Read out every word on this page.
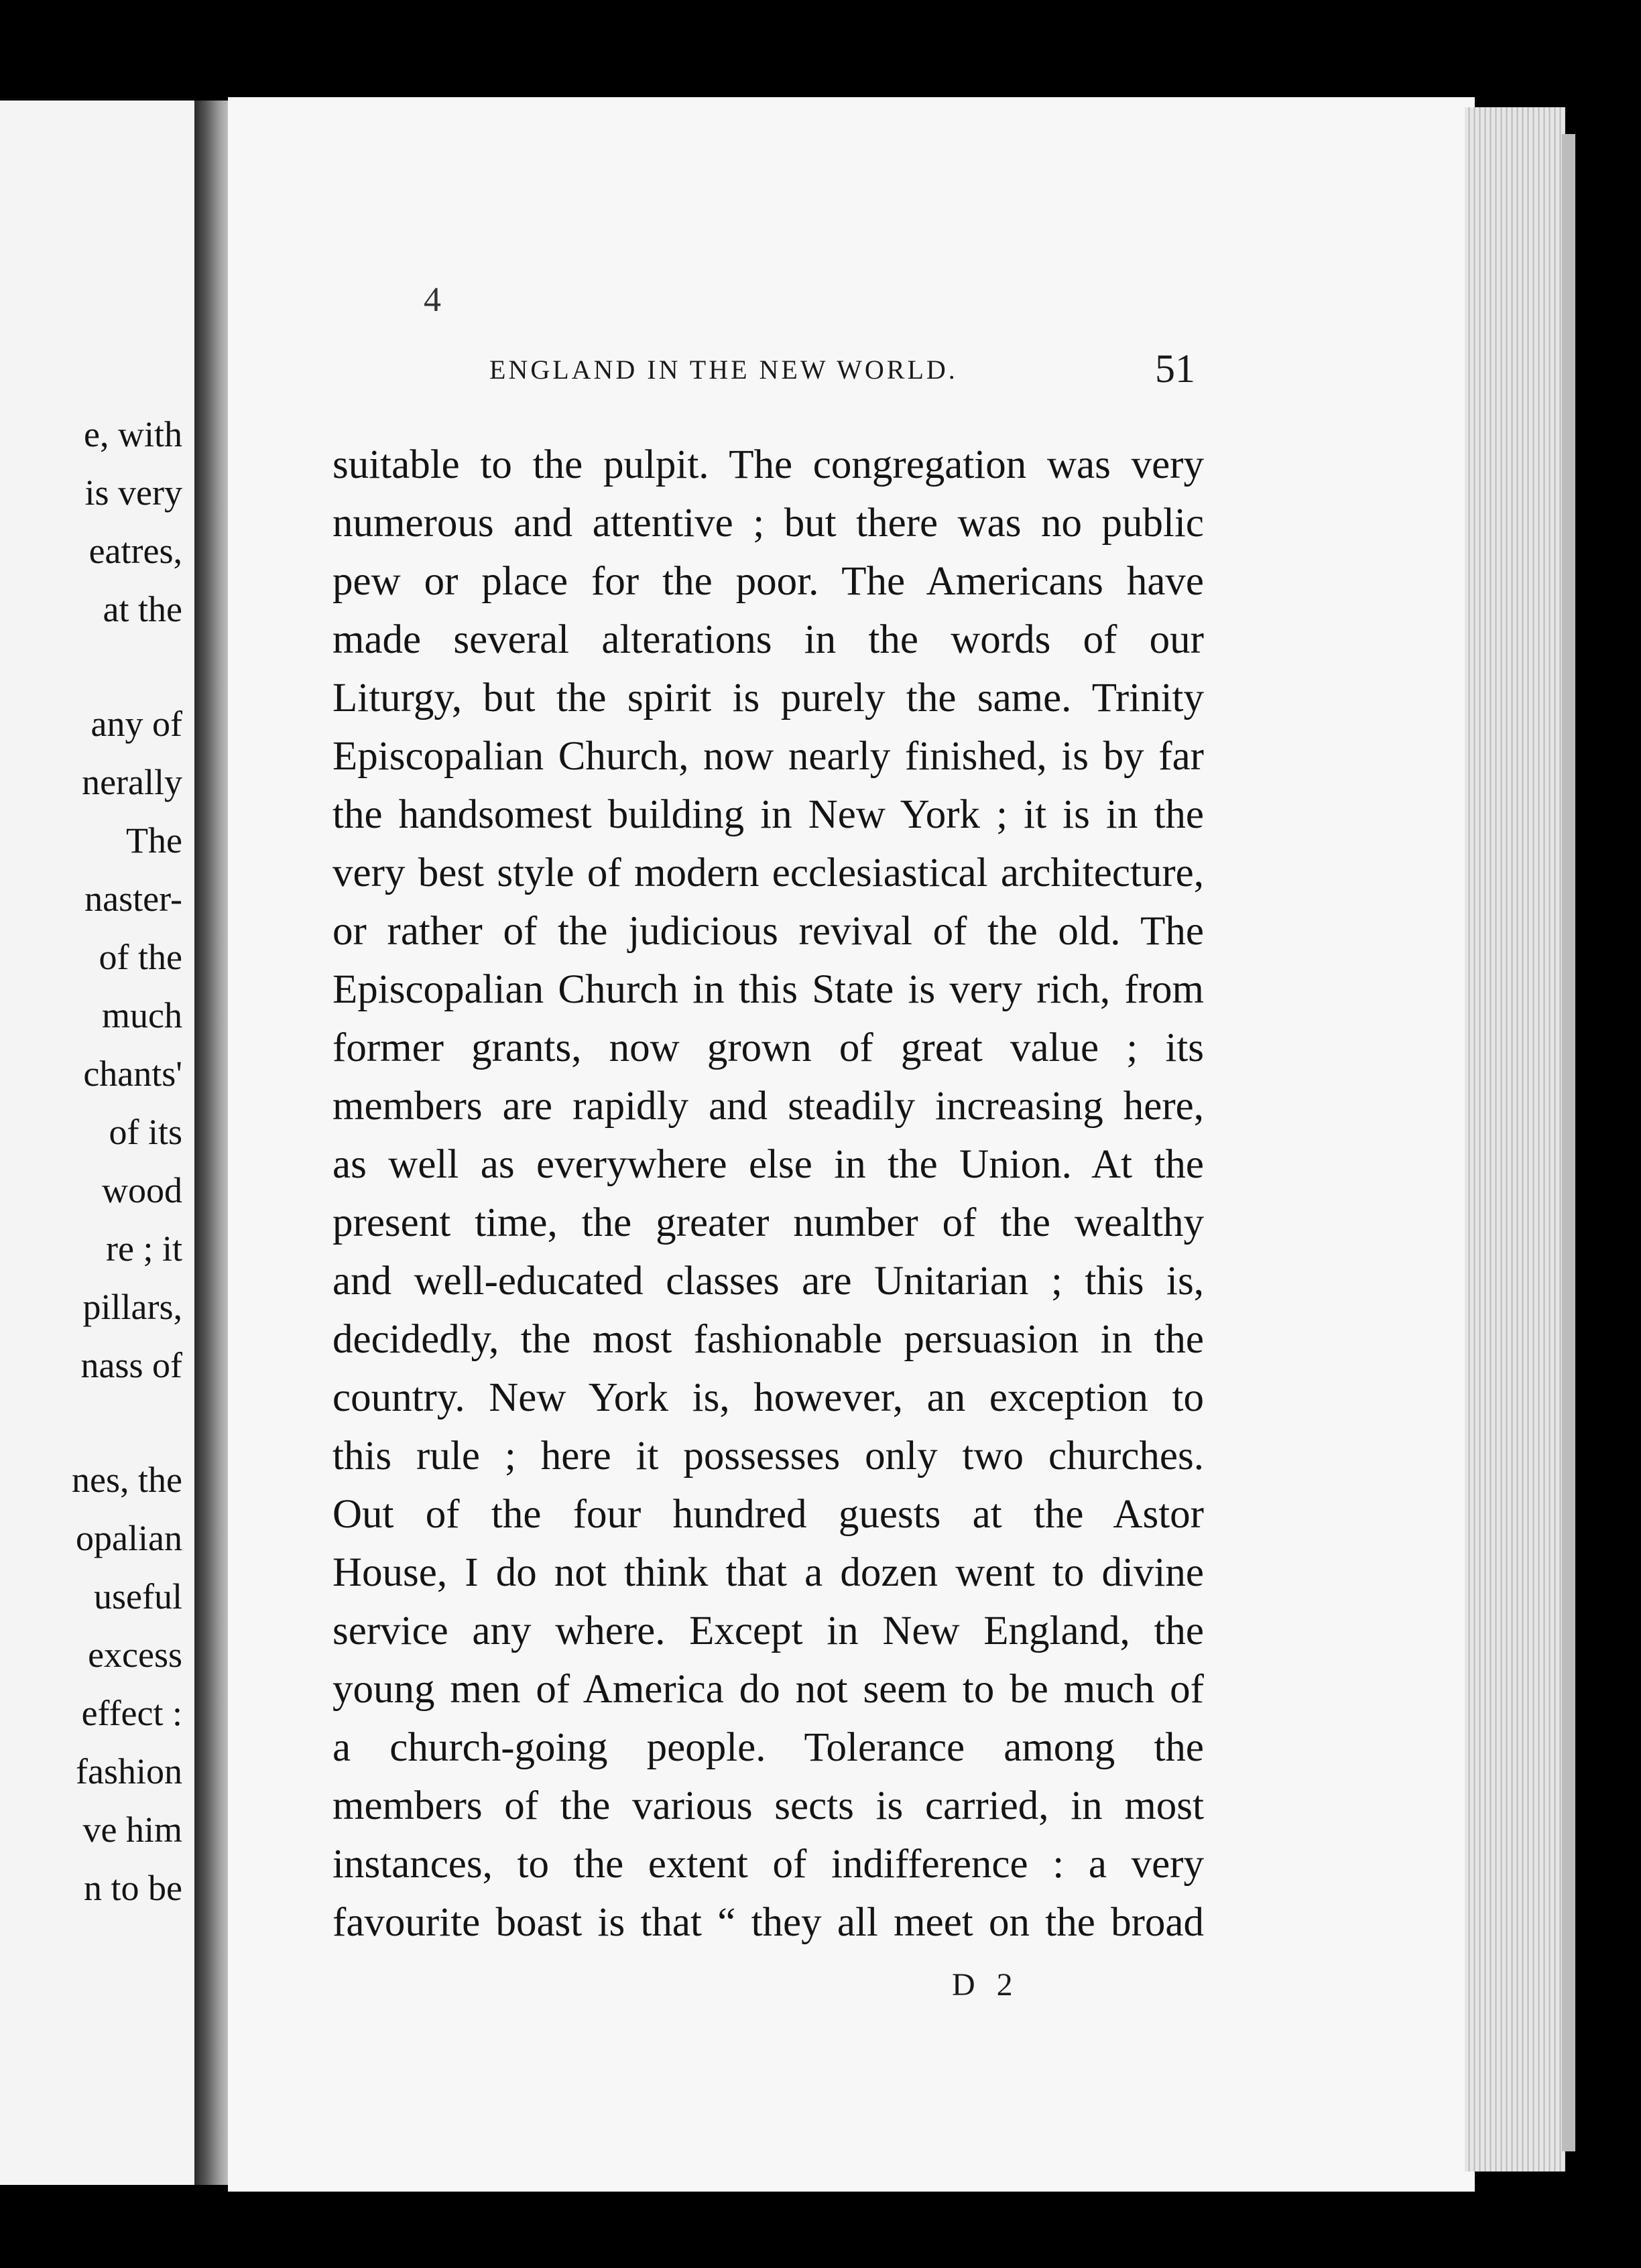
e, with
is very
eatres,
at the
any of
nerally
The
naster-
of the
much
chants'
of its
wood
re ; it
pillars,
nass of
nes, the
opalian
useful
excess
effect :
fashion
ve him
n to be
4
ENGLAND IN THE NEW WORLD.	51
suitable to the pulpit. The congregation was very
numerous and attentive ; but there was no public
pew or place for the poor. The Americans have
made several alterations in the words of our
Liturgy, but the spirit is purely the same. Trinity
Episcopalian Church, now nearly finished, is by far
the handsomest building in New York ; it is in the
very best style of modern ecclesiastical architecture,
or rather of the judicious revival of the old. The
Episcopalian Church in this State is very rich, from
former grants, now grown of great value ; its
members are rapidly and steadily increasing here,
as well as everywhere else in the Union. At the
present time, the greater number of the wealthy
and well-educated classes are Unitarian ; this is,
decidedly, the most fashionable persuasion in the
country. New York is, however, an exception to
this rule ; here it possesses only two churches.
Out of the four hundred guests at the Astor
House, I do not think that a dozen went to divine
service any where. Except in New England, the
young men of America do not seem to be much of
a church-going people. Tolerance among the
members of the various sects is carried, in most
instances, to the extent of indifference : a very
favourite boast is that “ they all meet on the broad
D 2
